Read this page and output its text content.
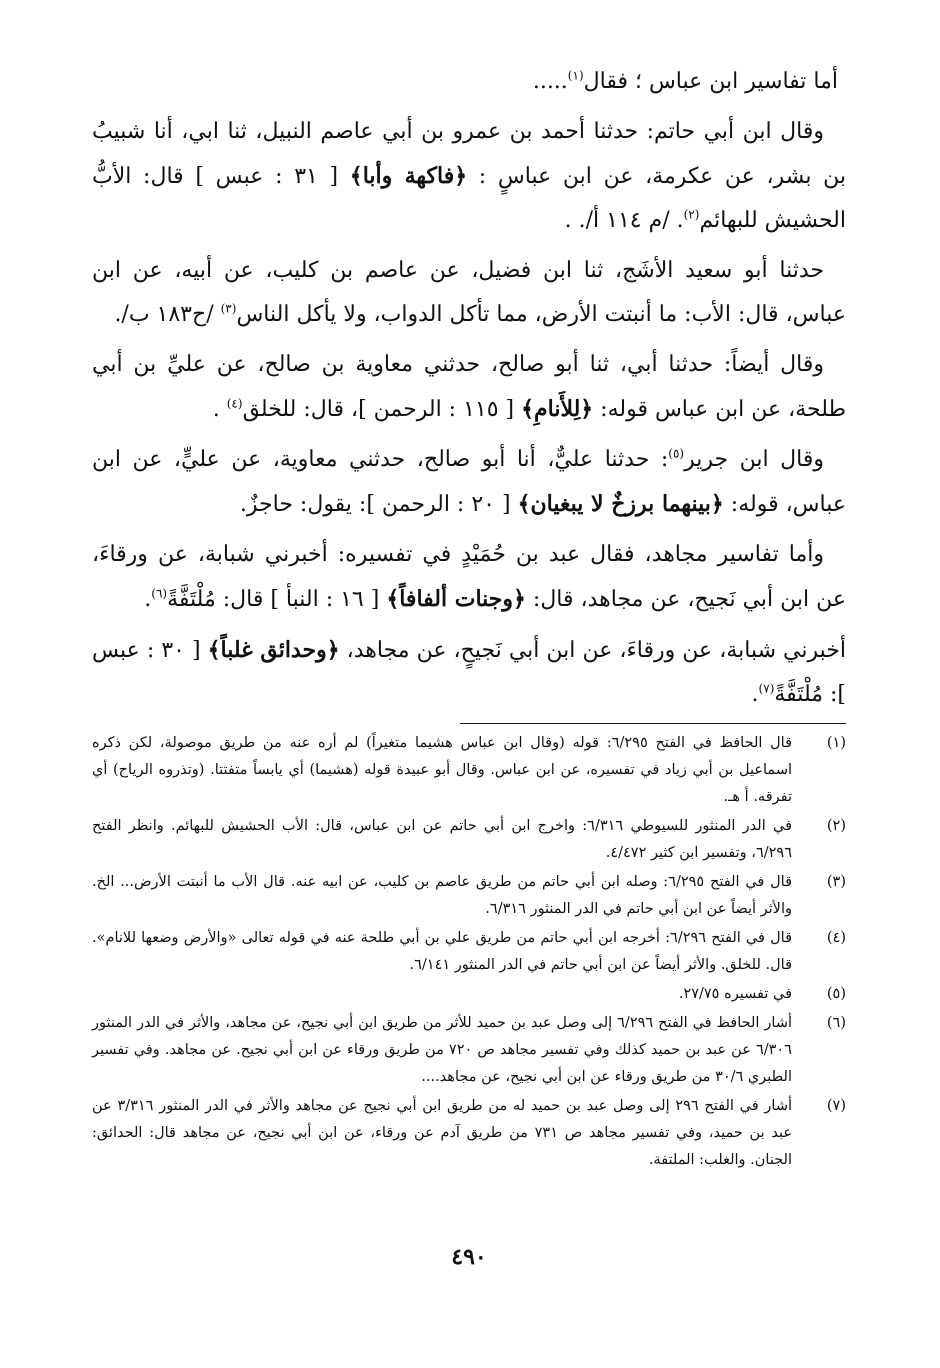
أما تفاسير ابن عباس ؛ فقال$^{(١)}$.....

وقال ابن أبي حاتم: حدثنا أحمد بن عمرو بن أبي عاصم النبيل، ثنا ابي، أنا شبيبُ بن بشر، عن عكرمة، عن ابن عباسٍ : ﴿فاكهة وأبا﴾ [ ٣١ : عبس ] قال: الأبُّ الحشيش للبهائم$^{(٢)}$. /م ١١٤ أ/. .

حدثنا أبو سعيد الأشَج، ثنا ابن فضيل، عن عاصم بن كليب، عن أبيه، عن ابن عباس، قال: الأب: ما أنبتت الأرض، مما تأكل الدواب، ولا يأكل الناس$^{(٣)}$ /ح١٨٣ ب/.

وقال أيضاً: حدثنا أبي، ثنا أبو صالح، حدثني معاوية بن صالح، عن عليِّ بن أبي طلحة، عن ابن عباس قوله: ﴿لِلأَنامِ﴾ [ ١١٥ : الرحمن ]، قال: للخلق$^{(٤)}$ .

وقال ابن جرير$^{(٥)}$: حدثنا عليٌّ، أنا أبو صالح، حدثني معاوية، عن عليٍّ، عن ابن عباس، قوله: ﴿بينهما برزخٌ لا يبغيان﴾ [ ٢٠ : الرحمن ]: يقول: حاجزٌ.

وأما تفاسير مجاهد، فقال عبد بن حُمَيْدٍ في تفسيره: أخبرني شبابة، عن ورقاءَ، عن ابن أبي نَجيح، عن مجاهد، قال: ﴿وجنات ألفافاً﴾ [ ١٦ : النبأ ] قال: مُلْتَفَّةً$^{(٦)}$.

أخبرني شبابة، عن ورقاءَ، عن ابن أبي نَجيحٍ، عن مجاهد، ﴿وحدائق غلباً﴾ [ ٣٠ : عبس ]: مُلْتَفَّةً$^{(٧)}$.

(١)
قال الحافظ في الفتح ٦/٢٩٥: قوله (وقال ابن عباس هشيما متغيراً) لم أره عنه من طريق موصولة، لكن ذكره اسماعيل بن أبي زياد في تفسيره، عن ابن عباس. وقال أبو عبيدة قوله (هشيما) أي يابساً متفتتا. (وتذروه الرياح) أي تفرقه. أ هـ.
(٢)
في الدر المنثور للسيوطي ٦/٣١٦: واخرج ابن أبي حاتم عن ابن عباس، قال: الأب الحشيش للبهائم. وانظر الفتح ٦/٢٩٦، وتفسير ابن كثير ٤/٤٧٢.
(٣)
قال في الفتح ٦/٢٩٥: وصله ابن أبي حاتم من طريق عاصم بن كليب، عن ابيه عنه. قال الأب ما أنبتت الأرض... الخ. والأثر أيضاً عن ابن أبي حاتم في الدر المنثور ٦/٣١٦.
(٤)
قال في الفتح ٦/٢٩٦: أخرجه ابن أبي حاتم من طريق علي بن أبي طلحة عنه في قوله تعالى «والأرض وضعها للانام». قال. للخلق. والأثر أيضاً عن ابن أبي حاتم في الدر المنثور ٦/١٤١.
(٥)
في تفسيره ٢٧/٧٥.
(٦)
أشار الحافظ في الفتح ٦/٢٩٦ إلى وصل عبد بن حميد للأثر من طريق ابن أبي نجيح، عن مجاهد، والأثر في الدر المنثور ٦/٣٠٦ عن عبد بن حميد كذلك وفي تفسير مجاهد ص ٧٢٠ من طريق ورقاء عن ابن أبي نجيح. عن مجاهد. وفي تفسير الطبري ٣٠/٦ من طريق ورقاء عن ابن أبي نجيح، عن مجاهد....
(٧)
أشار في الفتح ٢٩٦ إلى وصل عبد بن حميد له من طريق ابن أبي نجيح عن مجاهد والأثر في الدر المنثور ٣/٣١٦ عن عبد بن حميد، وفي تفسير مجاهد ص ٧٣١ من طريق آدم عن ورقاء، عن ابن أبي نجيح، عن مجاهد قال: الحدائق: الجنان. والغلب: الملتفة.
٤٩٠
